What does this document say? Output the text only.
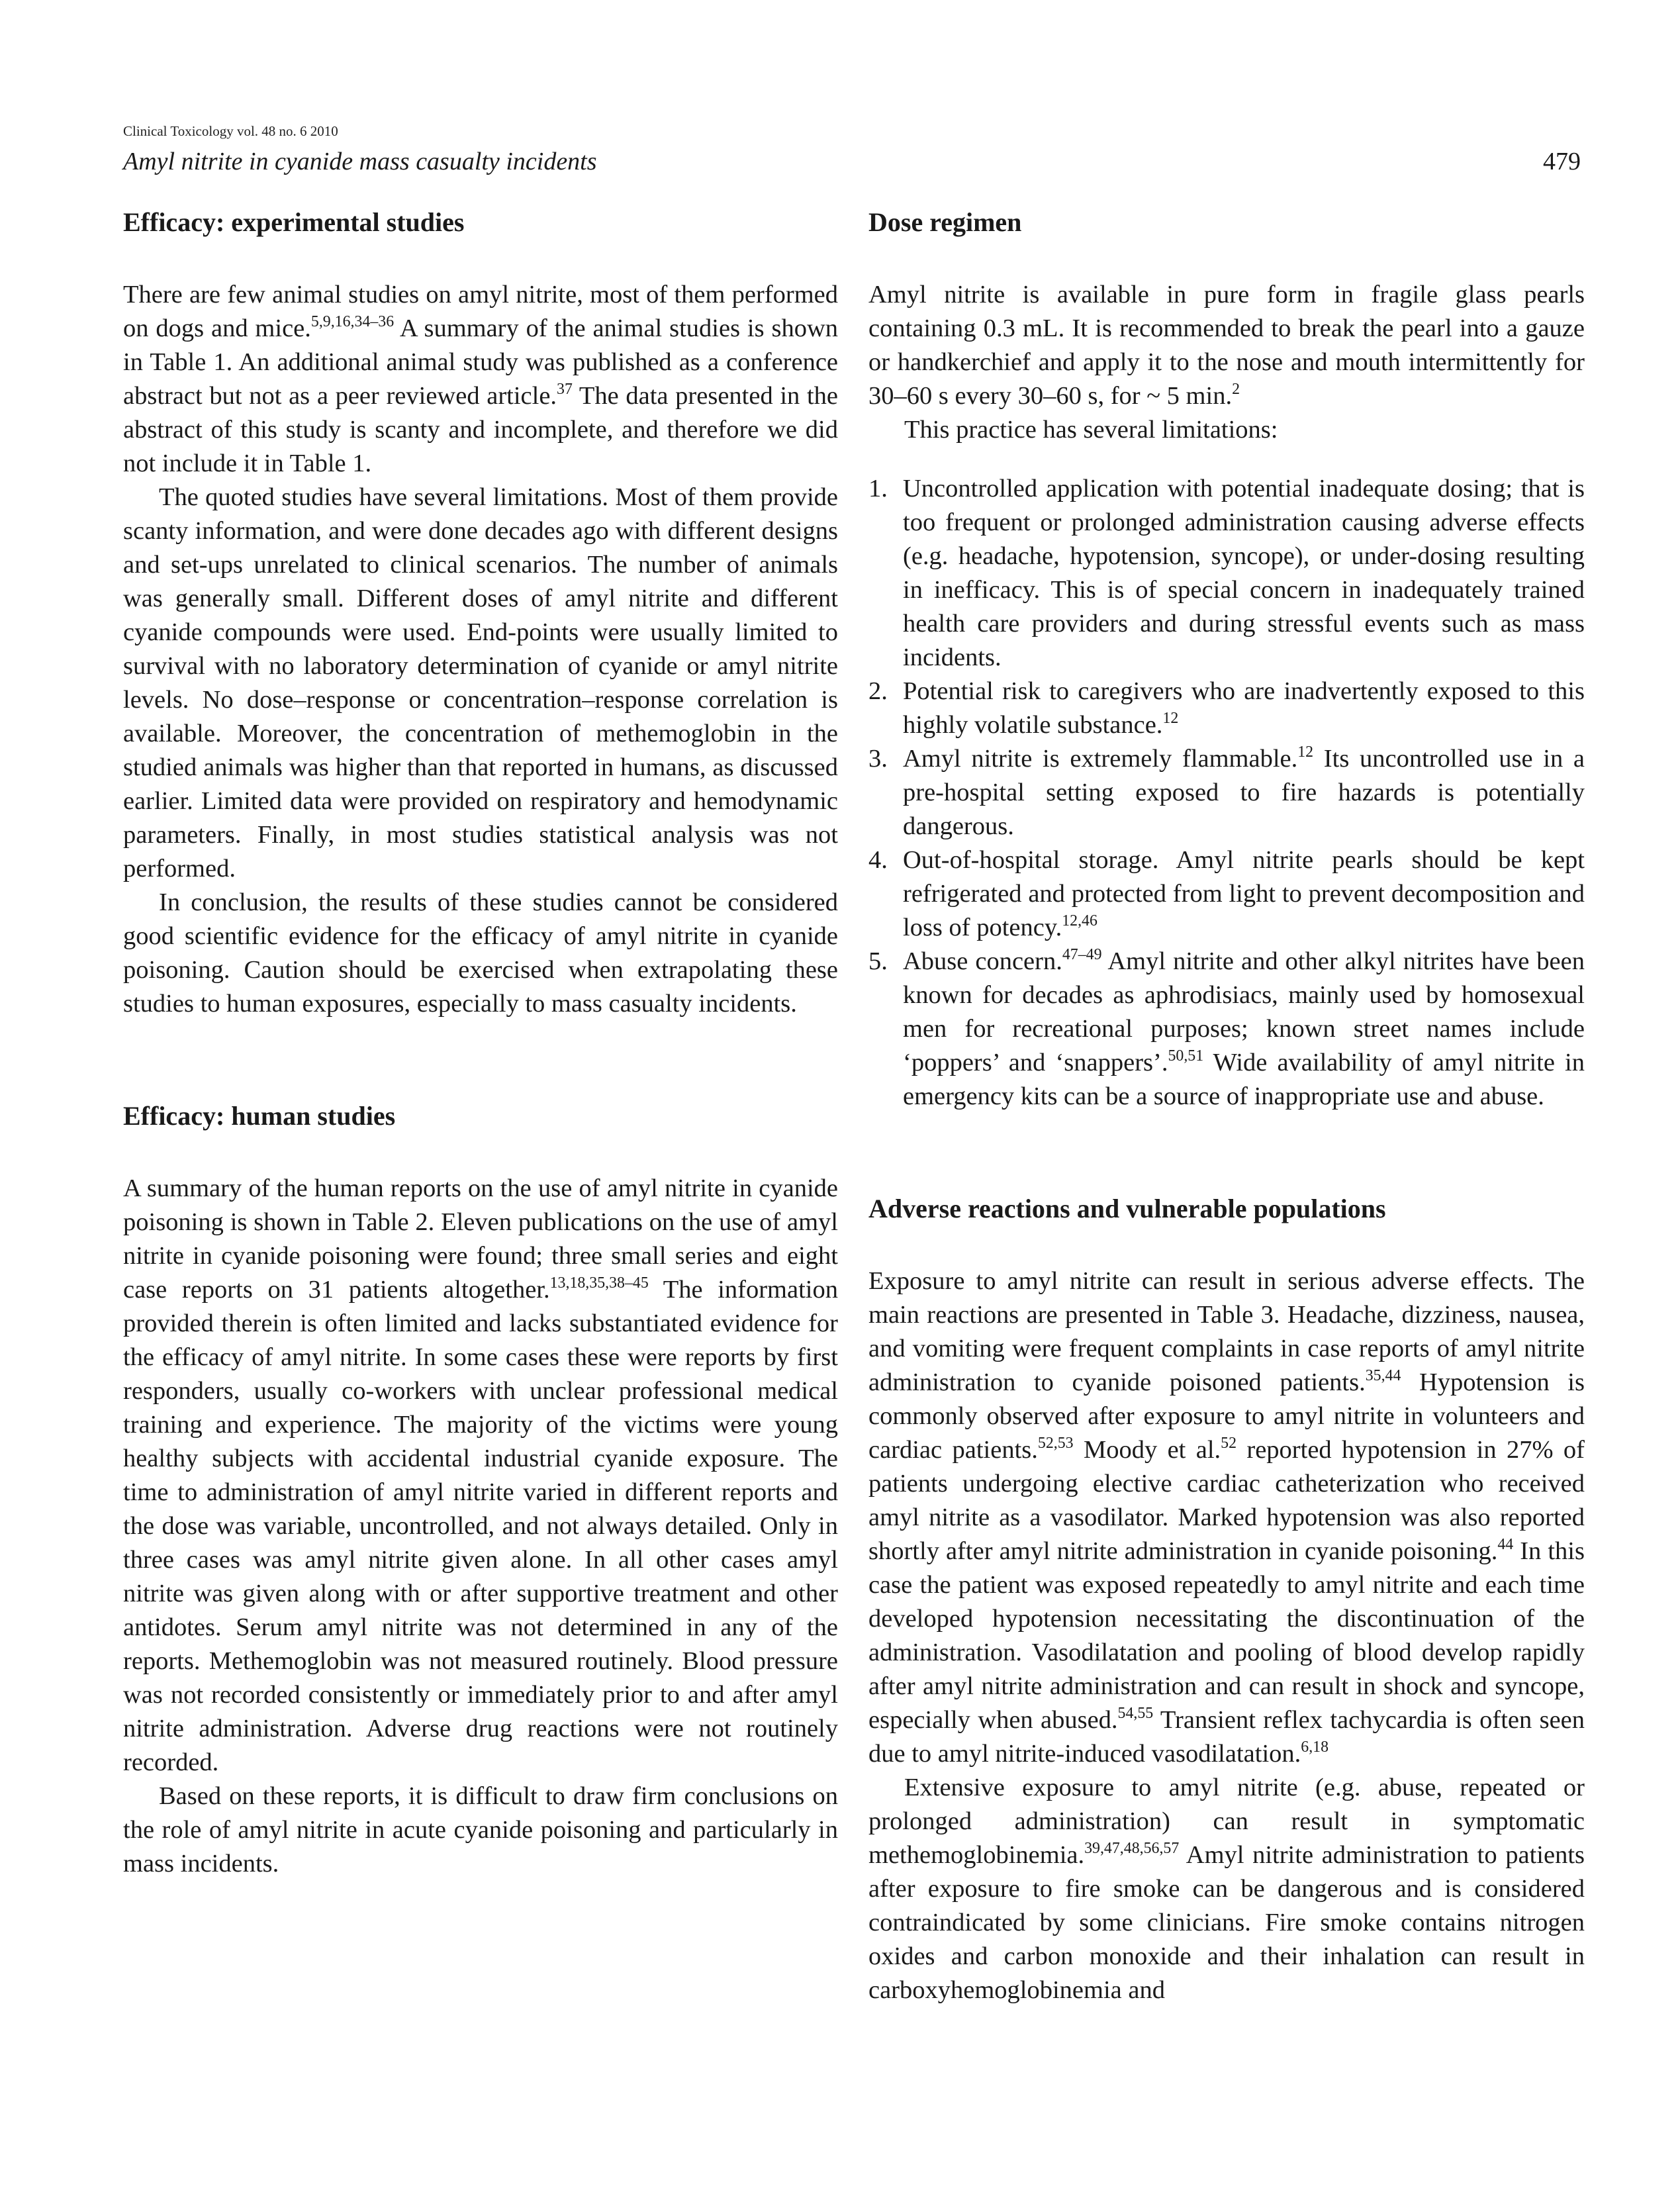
Clinical Toxicology vol. 48 no. 6 2010
Amyl nitrite in cyanide mass casualty incidents	479
Efficacy: experimental studies

There are few animal studies on amyl nitrite, most of them performed on dogs and mice.$^{5,9,16,34-36}$ A summary of the animal studies is shown in Table 1. An additional animal study was published as a conference abstract but not as a peer reviewed article.$^{37}$ The data presented in the abstract of this study is scanty and incomplete, and therefore we did not include it in Table 1.

The quoted studies have several limitations. Most of them provide scanty information, and were done decades ago with different designs and set-ups unrelated to clinical scenarios. The number of animals was generally small. Different doses of amyl nitrite and different cyanide compounds were used. End-points were usually limited to survival with no laboratory determination of cyanide or amyl nitrite levels. No dose–response or concentration–response correlation is available. Moreover, the concentration of methemoglobin in the studied animals was higher than that reported in humans, as discussed earlier. Limited data were provided on respiratory and hemodynamic parameters. Finally, in most studies statistical analysis was not performed.

In conclusion, the results of these studies cannot be considered good scientific evidence for the efficacy of amyl nitrite in cyanide poisoning. Caution should be exercised when extrapolating these studies to human exposures, especially to mass casualty incidents.

Efficacy: human studies

A summary of the human reports on the use of amyl nitrite in cyanide poisoning is shown in Table 2. Eleven publications on the use of amyl nitrite in cyanide poisoning were found; three small series and eight case reports on 31 patients altogether.$^{13,18,35,38-45}$ The information provided therein is often limited and lacks substantiated evidence for the efficacy of amyl nitrite. In some cases these were reports by first responders, usually co-workers with unclear professional medical training and experience. The majority of the victims were young healthy subjects with accidental industrial cyanide exposure. The time to administration of amyl nitrite varied in different reports and the dose was variable, uncontrolled, and not always detailed. Only in three cases was amyl nitrite given alone. In all other cases amyl nitrite was given along with or after supportive treatment and other antidotes. Serum amyl nitrite was not determined in any of the reports. Methemoglobin was not measured routinely. Blood pressure was not recorded consistently or immediately prior to and after amyl nitrite administration. Adverse drug reactions were not routinely recorded.

Based on these reports, it is difficult to draw firm conclusions on the role of amyl nitrite in acute cyanide poisoning and particularly in mass incidents.

Dose regimen

Amyl nitrite is available in pure form in fragile glass pearls containing 0.3 mL. It is recommended to break the pearl into a gauze or handkerchief and apply it to the nose and mouth intermittently for 30–60 s every 30–60 s, for ~ 5 min.$^2$

This practice has several limitations:

1. Uncontrolled application with potential inadequate dosing; that is too frequent or prolonged administration causing adverse effects (e.g. headache, hypotension, syncope), or under-dosing resulting in inefficacy. This is of special concern in inadequately trained health care providers and during stressful events such as mass incidents.
2. Potential risk to caregivers who are inadvertently exposed to this highly volatile substance.$^{12}$
3. Amyl nitrite is extremely flammable.$^{12}$ Its uncontrolled use in a pre-hospital setting exposed to fire hazards is potentially dangerous.
4. Out-of-hospital storage. Amyl nitrite pearls should be kept refrigerated and protected from light to prevent decomposition and loss of potency.$^{12,46}$
5. Abuse concern.$^{47-49}$ Amyl nitrite and other alkyl nitrites have been known for decades as aphrodisiacs, mainly used by homosexual men for recreational purposes; known street names include ‘poppers’ and ‘snappers’.$^{50,51}$ Wide availability of amyl nitrite in emergency kits can be a source of inappropriate use and abuse.
Adverse reactions and vulnerable populations

Exposure to amyl nitrite can result in serious adverse effects. The main reactions are presented in Table 3. Headache, dizziness, nausea, and vomiting were frequent complaints in case reports of amyl nitrite administration to cyanide poisoned patients.$^{35,44}$ Hypotension is commonly observed after exposure to amyl nitrite in volunteers and cardiac patients.$^{52,53}$ Moody et al.$^{52}$ reported hypotension in 27% of patients undergoing elective cardiac catheterization who received amyl nitrite as a vasodilator. Marked hypotension was also reported shortly after amyl nitrite administration in cyanide poisoning.$^{44}$ In this case the patient was exposed repeatedly to amyl nitrite and each time developed hypotension necessitating the discontinuation of the administration. Vasodilatation and pooling of blood develop rapidly after amyl nitrite administration and can result in shock and syncope, especially when abused.$^{54,55}$ Transient reflex tachycardia is often seen due to amyl nitrite-induced vasodilatation.$^{6,18}$

Extensive exposure to amyl nitrite (e.g. abuse, repeated or prolonged administration) can result in symptomatic methemoglobinemia.$^{39,47,48,56,57}$ Amyl nitrite administration to patients after exposure to fire smoke can be dangerous and is considered contraindicated by some clinicians. Fire smoke contains nitrogen oxides and carbon monoxide and their inhalation can result in carboxyhemoglobinemia and
